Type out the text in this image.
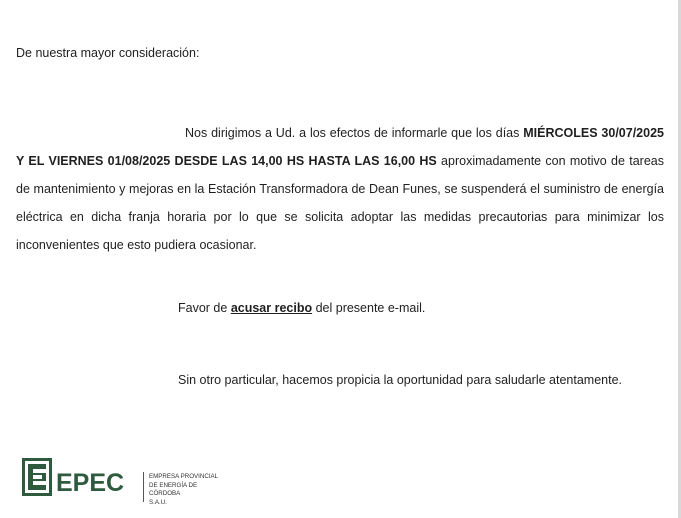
De nuestra mayor consideración:
Nos dirigimos a Ud. a los efectos de informarle que los días MIÉRCOLES 30/07/2025 Y EL VIERNES 01/08/2025 DESDE LAS 14,00 HS HASTA LAS 16,00 HS aproximadamente con motivo de tareas de mantenimiento y mejoras en la Estación Transformadora de Dean Funes, se suspenderá el suministro de energía eléctrica en dicha franja horaria por lo que se solicita adoptar las medidas precautorias para minimizar los inconvenientes que esto pudiera ocasionar.
Favor de acusar recibo del presente e-mail.
Sin otro particular, hacemos propicia la oportunidad para saludarle atentamente.
EPEC	EMPRESA PROVINCIAL
DE ENERGÍA DE CÓRDOBA
S.A.U.
